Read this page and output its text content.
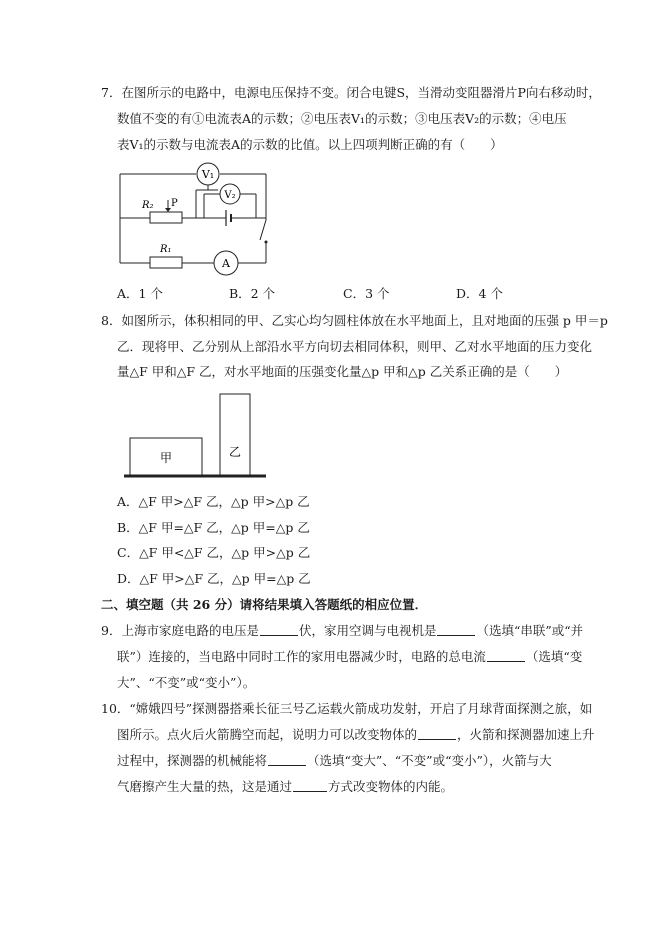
7．在图所示的电路中，电源电压保持不变。闭合电键S，当滑动变阻器滑片P向右移动时，
数值不变的有①电流表A的示数；②电压表V₁的示数；③电压表V₂的示数；④电压
表V₁的示数与电流表A的示数的比值。以上四项判断正确的有（　　）
V₁
R₂ P
V₂
R₁
A
A．1 个	B．2 个	C．3 个	D．4 个
8．如图所示，体积相同的甲、乙实心均匀圆柱体放在水平地面上，且对地面的压强 p 甲＝p
乙．现将甲、乙分别从上部沿水平方向切去相同体积，则甲、乙对水平地面的压力变化
量△F 甲和△F 乙，对水平地面的压强变化量△p 甲和△p 乙关系正确的是（　　）
甲	乙
A．△F 甲>△F 乙，△p 甲>△p 乙
B．△F 甲=△F 乙，△p 甲=△p 乙
C．△F 甲<△F 乙，△p 甲>△p 乙
D．△F 甲>△F 乙，△p 甲=△p 乙
二、填空题（共 26 分）请将结果填入答题纸的相应位置．
9．上海市家庭电路的电压是	伏，家用空调与电视机是	（选填“串联”或“并
联”）连接的，当电路中同时工作的家用电器减少时，电路的总电流	（选填“变
大”、“不变”或“变小”）。
10．“嫦娥四号”探测器搭乘长征三号乙运载火箭成功发射，开启了月球背面探测之旅，如
图所示。点火后火箭腾空而起，说明力可以改变物体的	，火箭和探测器加速上升
过程中，探测器的机械能将	（选填“变大”、“不变”或“变小”），火箭与大
气磨擦产生大量的热，这是通过	方式改变物体的内能。
